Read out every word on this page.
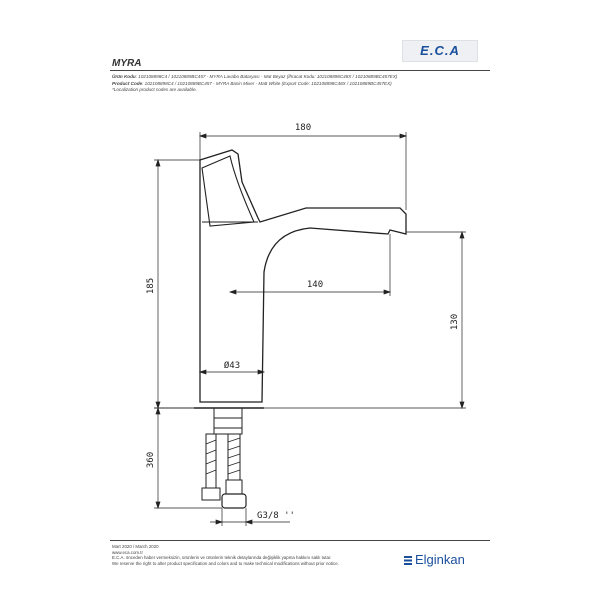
E.C.A
MYRA
Ürün Kodu: 102108898C4 / 10210889BC457 - MYRA Lavabo Bataryası - Mat Beyaz (İhracat Kodu: 102108898C48X / 10210889BC457EX)
Product Code: 102108898C4 / 10210889BC457 - MYRA Basin Mixer - Matt White (Export Code: 102108898C48X / 10210889BC457EX)
*Localization product codes are available.
180
185	140
130
Ø43
360
G3/8 ''
Mart 2020 / March 2020
www.eca.com.tr
E.C.A. önceden haber vermeksizin, ürünlerin ve ürünlerin teknik detaylarında değişiklik yapma hakkını saklı tutar.
We reserve the right to alter product specification and colors and to make technical modifications without prior notice.	Elginkan
